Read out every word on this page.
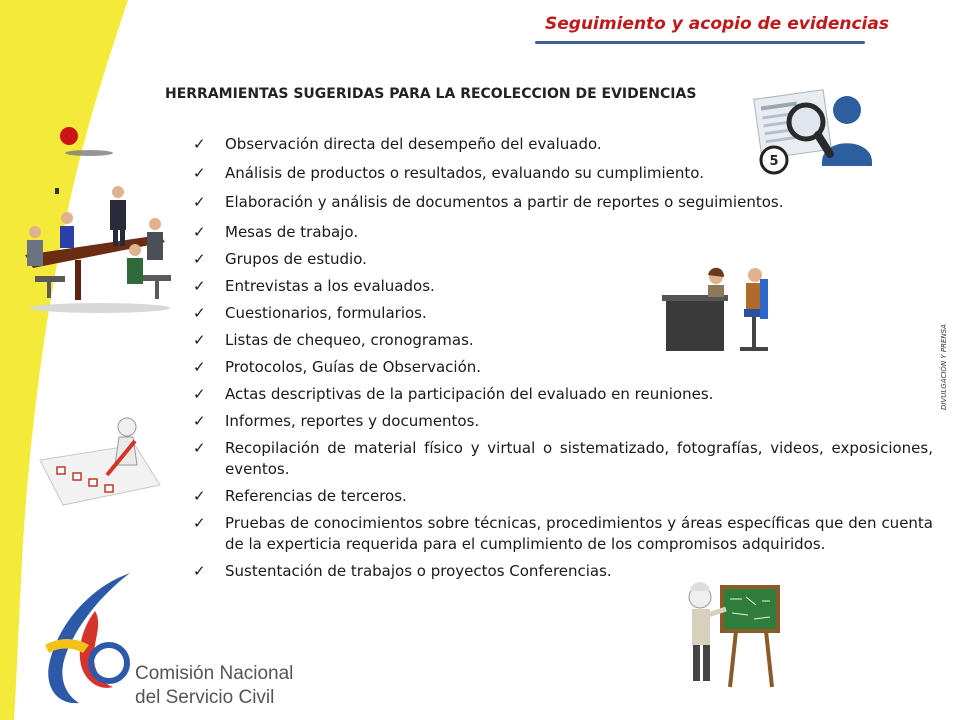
Seguimiento y acopio de evidencias
HERRAMIENTAS SUGERIDAS PARA LA RECOLECCION DE EVIDENCIAS
✓ Observación directa del desempeño del evaluado.
✓ Análisis de productos o resultados, evaluando su cumplimiento.
✓ Elaboración y análisis de documentos a partir de reportes o seguimientos.
✓ Mesas de trabajo.
✓ Grupos de estudio.
✓ Entrevistas a los evaluados.
✓ Cuestionarios, formularios.
✓ Listas de chequeo, cronogramas.
✓ Protocolos, Guías de Observación.
✓ Actas descriptivas de la participación del evaluado en reuniones.
✓ Informes, reportes y documentos.
✓ Recopilación de material físico y virtual o sistematizado, fotografías, videos, exposiciones, eventos.
✓ Referencias de terceros.
✓ Pruebas de conocimientos sobre técnicas, procedimientos y áreas específicas que den cuenta de la experticia requerida para el cumplimiento de los compromisos adquiridos.
✓ Sustentación de trabajos o proyectos Conferencias.
5
DIVULGACIÓN Y PRENSA
Comisión Nacional
del Servicio Civil
